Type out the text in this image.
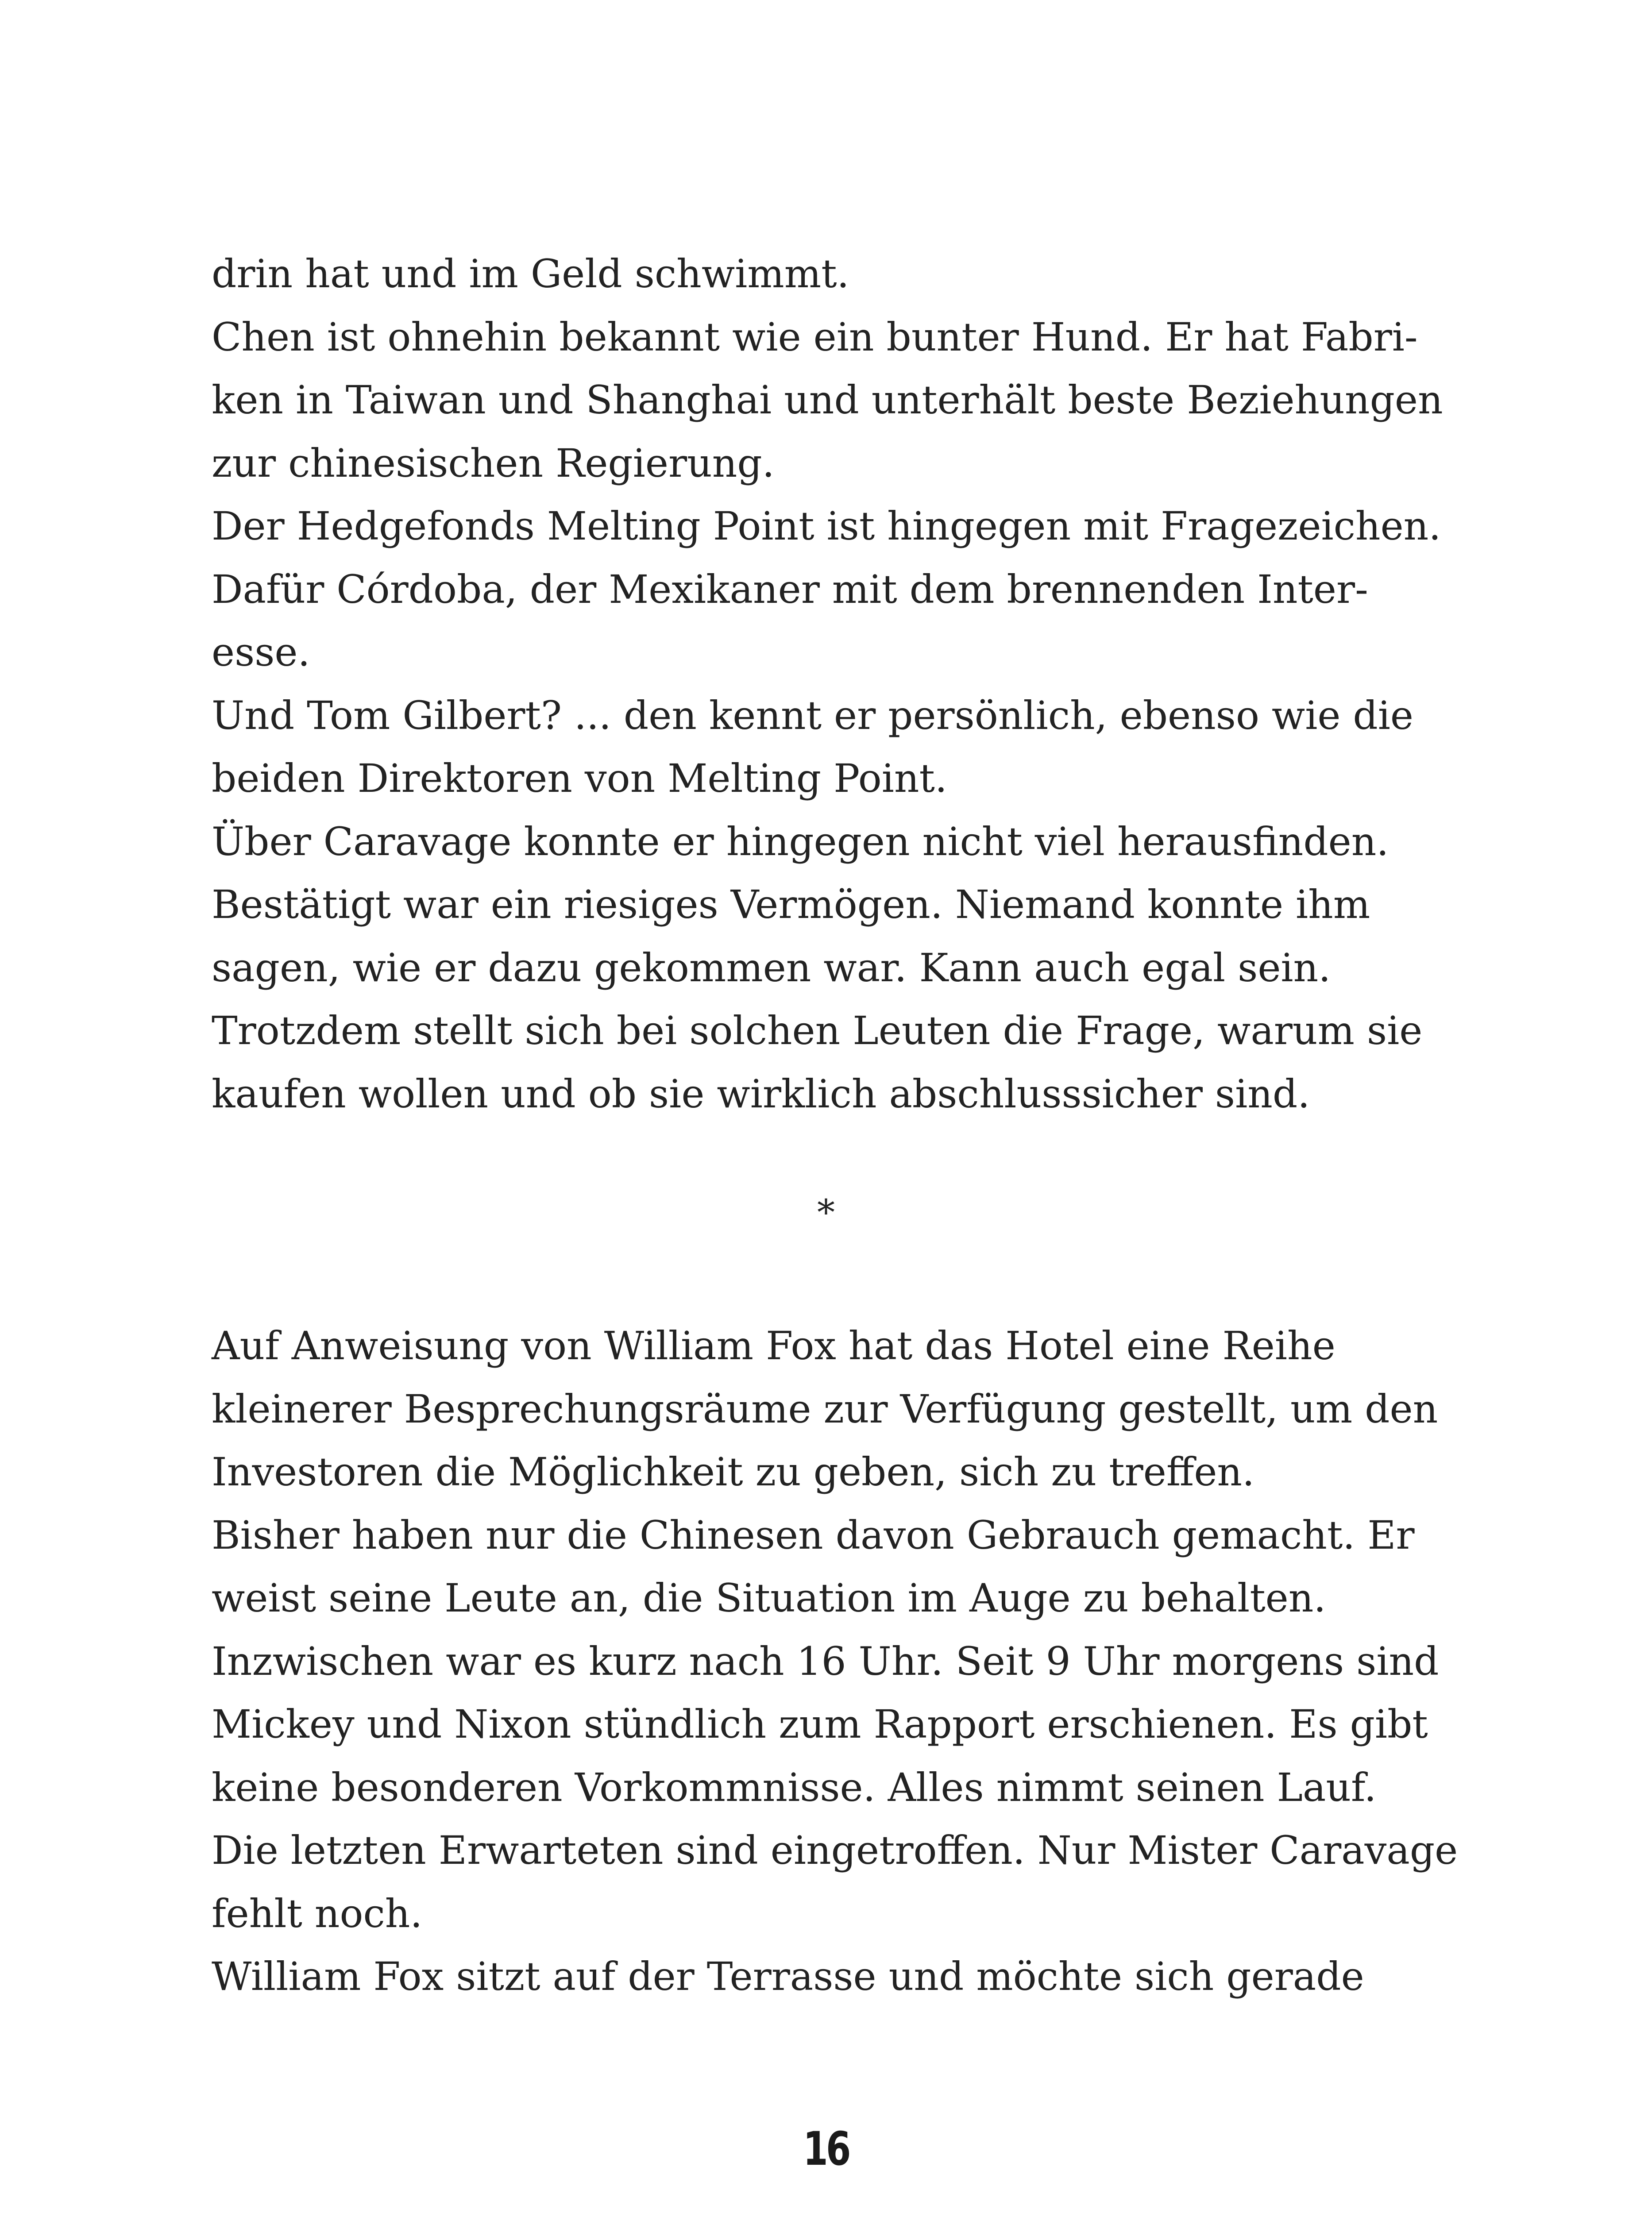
drin hat und im Geld schwimmt.
Chen ist ohnehin bekannt wie ein bunter Hund. Er hat Fabri-
ken in Taiwan und Shanghai und unterhält beste Beziehungen
zur chinesischen Regierung.
Der Hedgefonds Melting Point ist hingegen mit Fragezeichen.
Dafür Córdoba, der Mexikaner mit dem brennenden Inter-
esse.
Und Tom Gilbert? ... den kennt er persönlich, ebenso wie die
beiden Direktoren von Melting Point.
Über Caravage konnte er hingegen nicht viel herausfinden.
Bestätigt war ein riesiges Vermögen. Niemand konnte ihm
sagen, wie er dazu gekommen war. Kann auch egal sein.
Trotzdem stellt sich bei solchen Leuten die Frage, warum sie
kaufen wollen und ob sie wirklich abschlusssicher sind.
*
Auf Anweisung von William Fox hat das Hotel eine Reihe
kleinerer Besprechungsräume zur Verfügung gestellt, um den
Investoren die Möglichkeit zu geben, sich zu treffen.
Bisher haben nur die Chinesen davon Gebrauch gemacht. Er
weist seine Leute an, die Situation im Auge zu behalten.
Inzwischen war es kurz nach 16 Uhr. Seit 9 Uhr morgens sind
Mickey und Nixon stündlich zum Rapport erschienen. Es gibt
keine besonderen Vorkommnisse. Alles nimmt seinen Lauf.
Die letzten Erwarteten sind eingetroffen. Nur Mister Caravage
fehlt noch.
William Fox sitzt auf der Terrasse und möchte sich gerade
16
